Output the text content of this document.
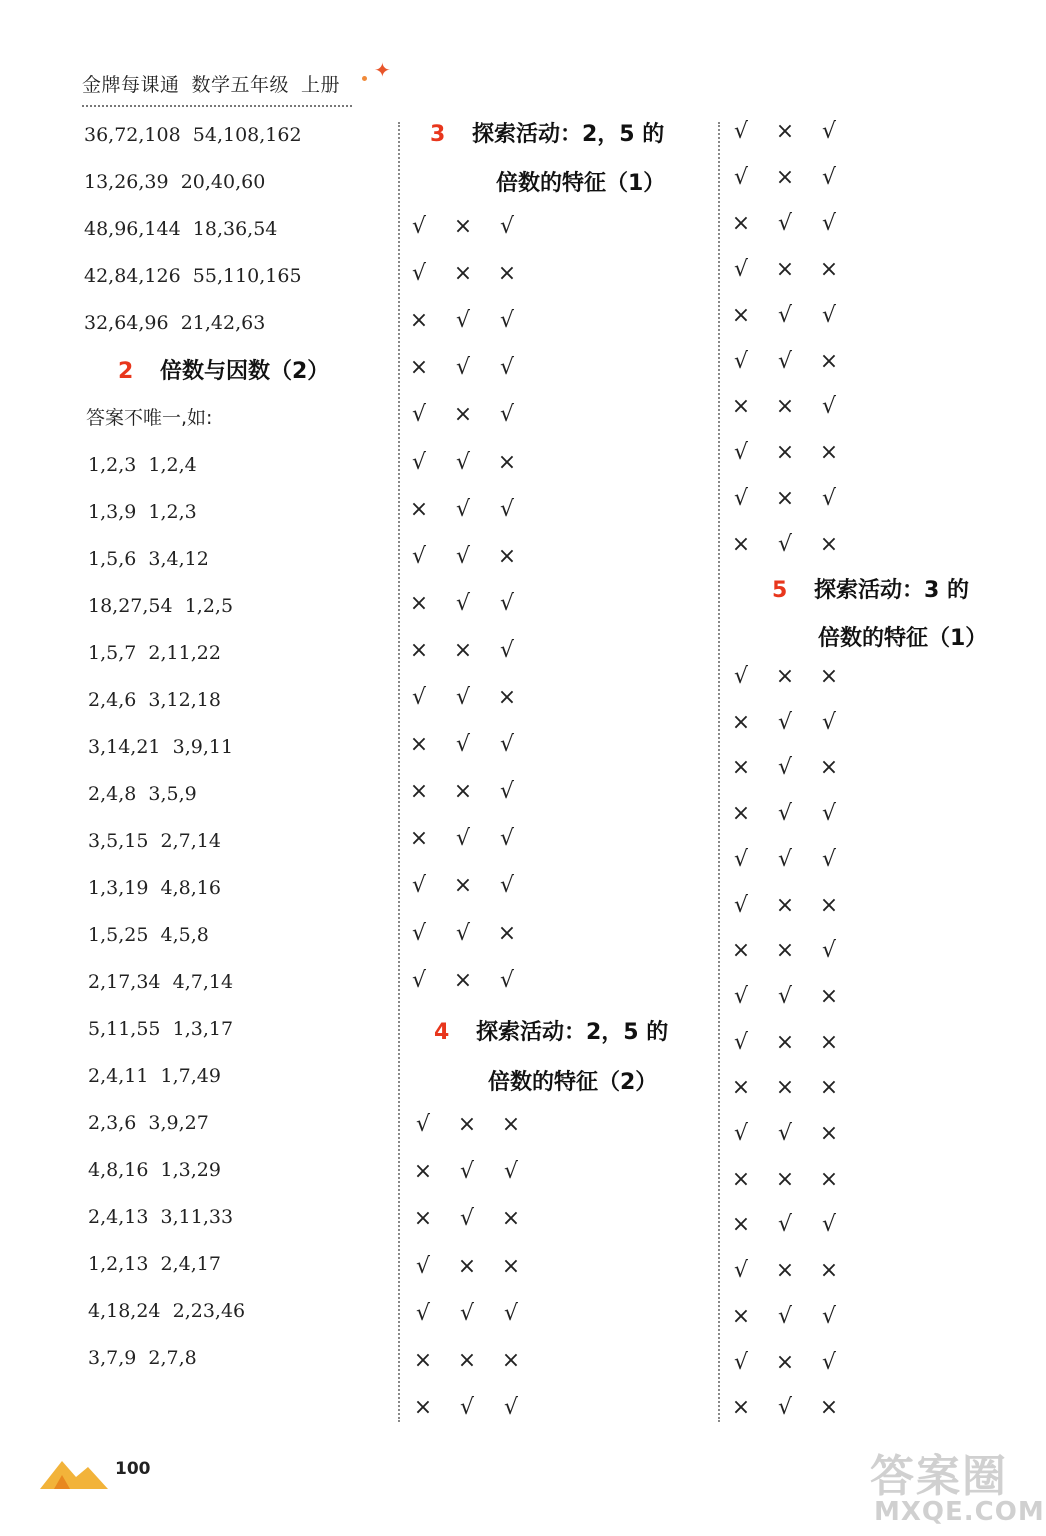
金牌每课通 数学五年级 上册
✦
2 倍数与因数（2）
答案不唯一,如:
36,72,108  54,108,162
13,26,39  20,40,60
48,96,144  18,36,54
42,84,126  55,110,165
32,64,96  21,42,63
1,2,3  1,2,4
1,3,9  1,2,3
1,5,6  3,4,12
18,27,54  1,2,5
1,5,7  2,11,22
2,4,6  3,12,18
3,14,21  3,9,11
2,4,8  3,5,9
3,5,15  2,7,14
1,3,19  4,8,16
1,5,25  4,5,8
2,17,34  4,7,14
5,11,55  1,3,17
2,4,11  1,7,49
2,3,6  3,9,27
4,8,16  1,3,29
2,4,13  3,11,33
1,2,13  2,4,17
4,18,24  2,23,46
3,7,9  2,7,8
3 探索活动：2，5 的
倍数的特征（1）
4 探索活动：2，5 的
倍数的特征（2）
√ × √
√ × ×
× √ √
× √ √
√ × √
√ √ ×
× √ √
√ √ ×
× √ √
× × √
√ √ ×
× √ √
× × √
× √ √
√ × √
√ √ ×
√ × √
√ × ×
× √ √
× √ ×
√ × ×
√ √ √
× × ×
× √ √
5 探索活动：3 的
倍数的特征（1）
√ × √
√ × √
× √ √
√ × ×
× √ √
√ √ ×
× × √
√ × ×
√ × √
× √ ×
√ × ×
× √ √
× √ ×
× √ √
√ √ √
√ × ×
× × √
√ √ ×
√ × ×
× × ×
√ √ ×
× × ×
× √ √
√ × ×
× √ √
√ × √
× √ ×
100	答案圈
MXQE.COM
